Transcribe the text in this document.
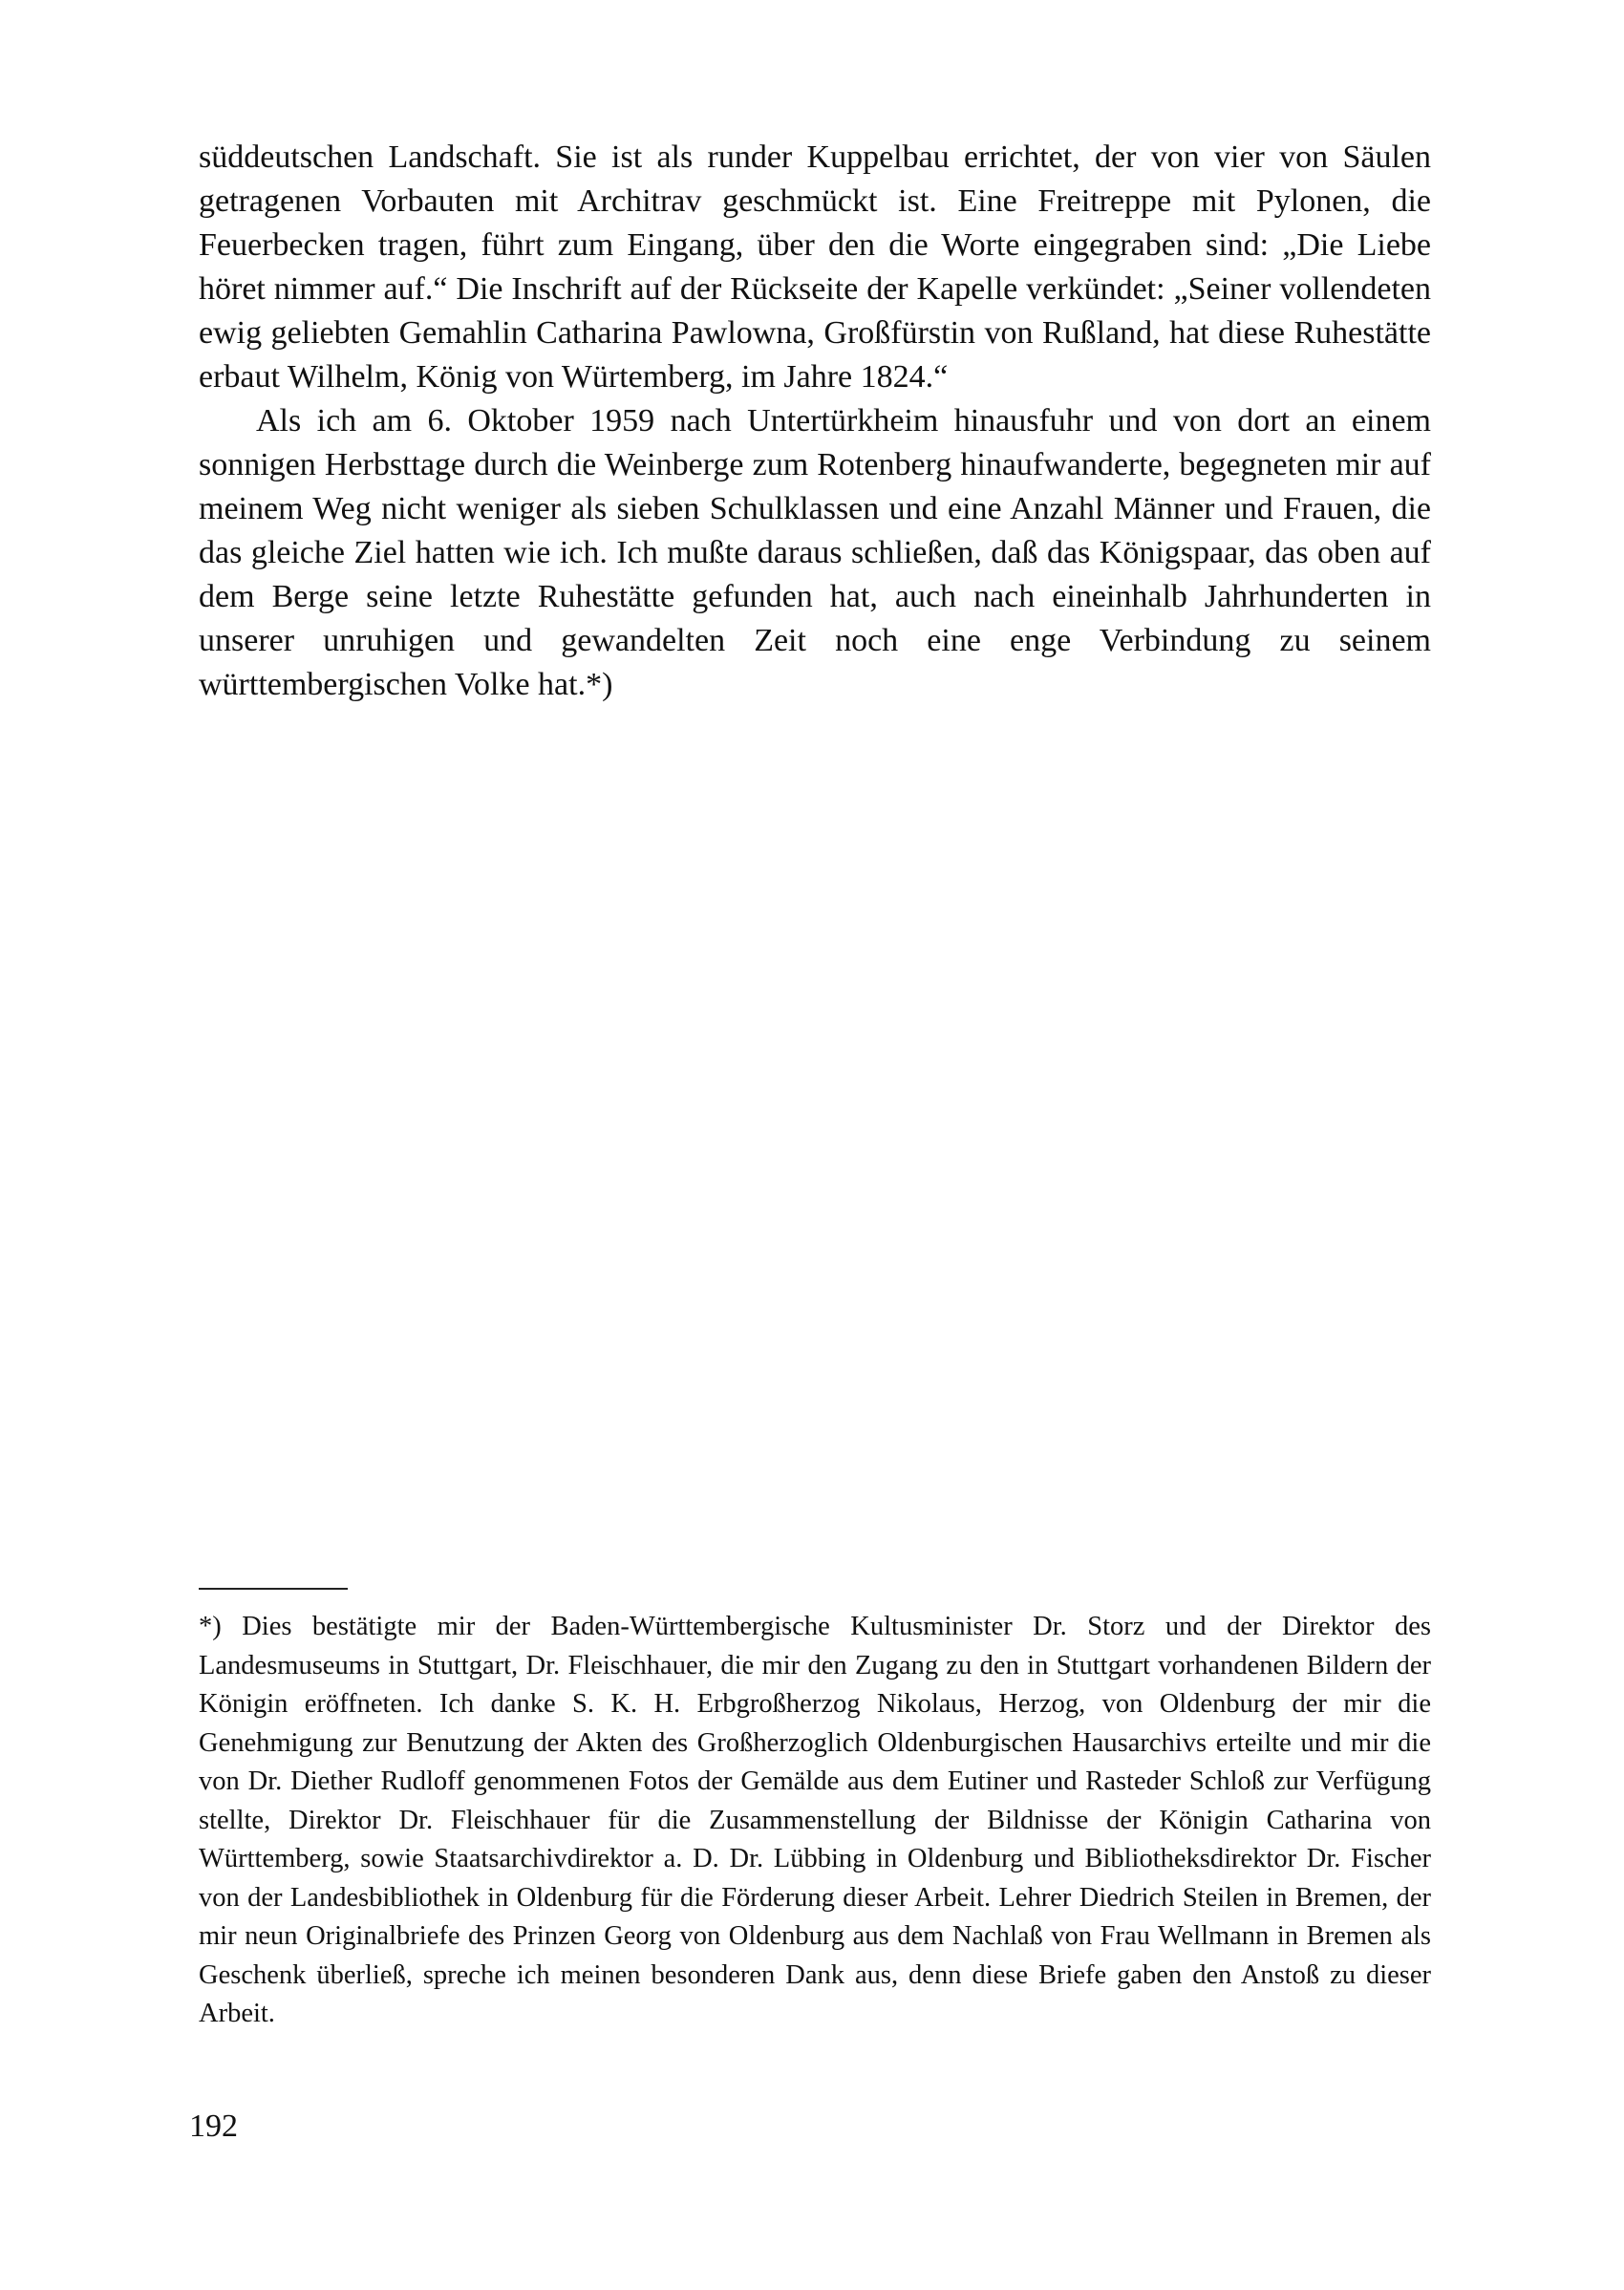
süddeutschen Landschaft. Sie ist als runder Kuppelbau errichtet, der von vier von Säulen getragenen Vorbauten mit Architrav geschmückt ist. Eine Freitreppe mit Pylonen, die Feuerbecken tragen, führt zum Eingang, über den die Worte eingegraben sind: „Die Liebe höret nimmer auf.“ Die Inschrift auf der Rückseite der Kapelle verkündet: „Seiner vollendeten ewig geliebten Gemahlin Catharina Pawlowna, Großfürstin von Rußland, hat diese Ruhestätte erbaut Wilhelm, König von Würtemberg, im Jahre 1824.“

Als ich am 6. Oktober 1959 nach Untertürkheim hinausfuhr und von dort an einem sonnigen Herbsttage durch die Weinberge zum Rotenberg hinaufwanderte, begegneten mir auf meinem Weg nicht weniger als sieben Schulklassen und eine Anzahl Männer und Frauen, die das gleiche Ziel hatten wie ich. Ich mußte daraus schließen, daß das Königspaar, das oben auf dem Berge seine letzte Ruhestätte gefunden hat, auch nach eineinhalb Jahrhunderten in unserer unruhigen und gewandelten Zeit noch eine enge Verbindung zu seinem württembergischen Volke hat.*)

*) Dies bestätigte mir der Baden-Württembergische Kultusminister Dr. Storz und der Direktor des Landesmuseums in Stuttgart, Dr. Fleischhauer, die mir den Zugang zu den in Stuttgart vorhandenen Bildern der Königin eröffneten. Ich danke S. K. H. Erbgroßherzog Nikolaus, Herzog, von Oldenburg der mir die Genehmigung zur Benutzung der Akten des Großherzoglich Oldenburgischen Hausarchivs erteilte und mir die von Dr. Diether Rudloff genommenen Fotos der Gemälde aus dem Eutiner und Rasteder Schloß zur Verfügung stellte, Direktor Dr. Fleischhauer für die Zusammenstellung der Bildnisse der Königin Catharina von Württemberg, sowie Staatsarchivdirektor a. D. Dr. Lübbing in Oldenburg und Bibliotheksdirektor Dr. Fischer von der Landesbibliothek in Oldenburg für die Förderung dieser Arbeit. Lehrer Diedrich Steilen in Bremen, der mir neun Originalbriefe des Prinzen Georg von Oldenburg aus dem Nachlaß von Frau Wellmann in Bremen als Geschenk überließ, spreche ich meinen besonderen Dank aus, denn diese Briefe gaben den Anstoß zu dieser Arbeit.

192
